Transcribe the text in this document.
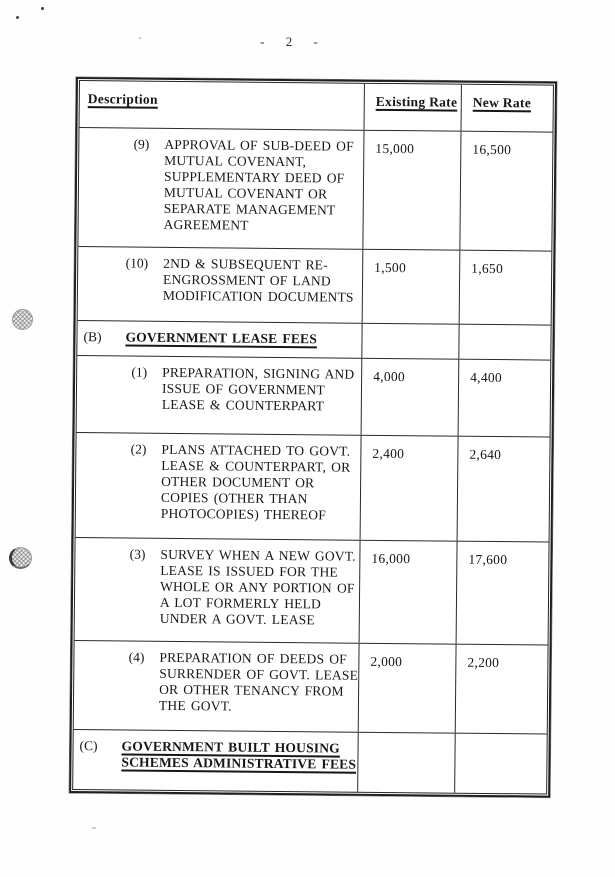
- 2 -
Description	Existing Rate	New Rate
(9) APPROVAL OF SUB-DEED OF MUTUAL COVENANT, SUPPLEMENTARY DEED OF MUTUAL COVENANT OR SEPARATE MANAGEMENT AGREEMENT
15,000	16,500
(10) 2ND & SUBSEQUENT RE-ENGROSSMENT OF LAND MODIFICATION DOCUMENTS
1,500	1,650
(B)	GOVERNMENT LEASE FEES
(1) PREPARATION, SIGNING AND ISSUE OF GOVERNMENT LEASE & COUNTERPART
4,000	4,400
(2) PLANS ATTACHED TO GOVT. LEASE & COUNTERPART, OR OTHER DOCUMENT OR COPIES (OTHER THAN PHOTOCOPIES) THEREOF
2,400	2,640
(3) SURVEY WHEN A NEW GOVT. LEASE IS ISSUED FOR THE WHOLE OR ANY PORTION OF A LOT FORMERLY HELD UNDER A GOVT. LEASE
16,000	17,600
(4) PREPARATION OF DEEDS OF SURRENDER OF GOVT. LEASE OR OTHER TENANCY FROM THE GOVT.
2,000	2,200
(C)	GOVERNMENT BUILT HOUSING SCHEMES ADMINISTRATIVE FEES
